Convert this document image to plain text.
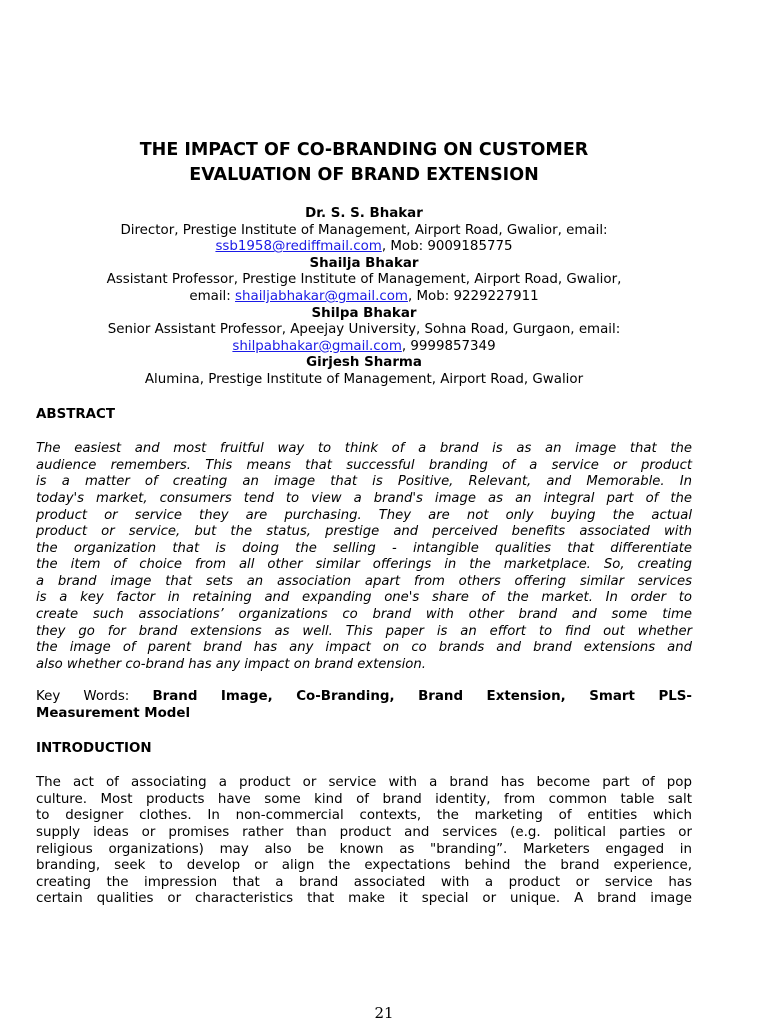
THE IMPACT OF CO-BRANDING ON CUSTOMER
EVALUATION OF BRAND EXTENSION
Dr. S. S. Bhakar
Director, Prestige Institute of Management, Airport Road, Gwalior, email:
ssb1958@rediffmail.com, Mob: 9009185775
Shailja Bhakar
Assistant Professor, Prestige Institute of Management, Airport Road, Gwalior,
email: shailjabhakar@gmail.com, Mob: 9229227911
Shilpa Bhakar
Senior Assistant Professor, Apeejay University, Sohna Road, Gurgaon, email:
shilpabhakar@gmail.com, 9999857349
Girjesh Sharma
Alumina, Prestige Institute of Management, Airport Road, Gwalior
ABSTRACT
The easiest and most fruitful way to think of a brand is as an image that the
audience remembers. This means that successful branding of a service or product
is a matter of creating an image that is Positive, Relevant, and Memorable. In
today's market, consumers tend to view a brand's image as an integral part of the
product or service they are purchasing. They are not only buying the actual
product or service, but the status, prestige and perceived benefits associated with
the organization that is doing the selling - intangible qualities that differentiate
the item of choice from all other similar offerings in the marketplace. So, creating
a brand image that sets an association apart from others offering similar services
is a key factor in retaining and expanding one's share of the market. In order to
create such associations’ organizations co brand with other brand and some time
they go for brand extensions as well. This paper is an effort to find out whether
the image of parent brand has any impact on co brands and brand extensions and
also whether co-brand has any impact on brand extension.
Key Words: Brand Image, Co-Branding, Brand Extension, Smart PLS-
Measurement Model
INTRODUCTION
The act of associating a product or service with a brand has become part of pop
culture. Most products have some kind of brand identity, from common table salt
to designer clothes. In non-commercial contexts, the marketing of entities which
supply ideas or promises rather than product and services (e.g. political parties or
religious organizations) may also be known as "branding”. Marketers engaged in
branding, seek to develop or align the expectations behind the brand experience,
creating the impression that a brand associated with a product or service has
certain qualities or characteristics that make it special or unique. A brand image
21
